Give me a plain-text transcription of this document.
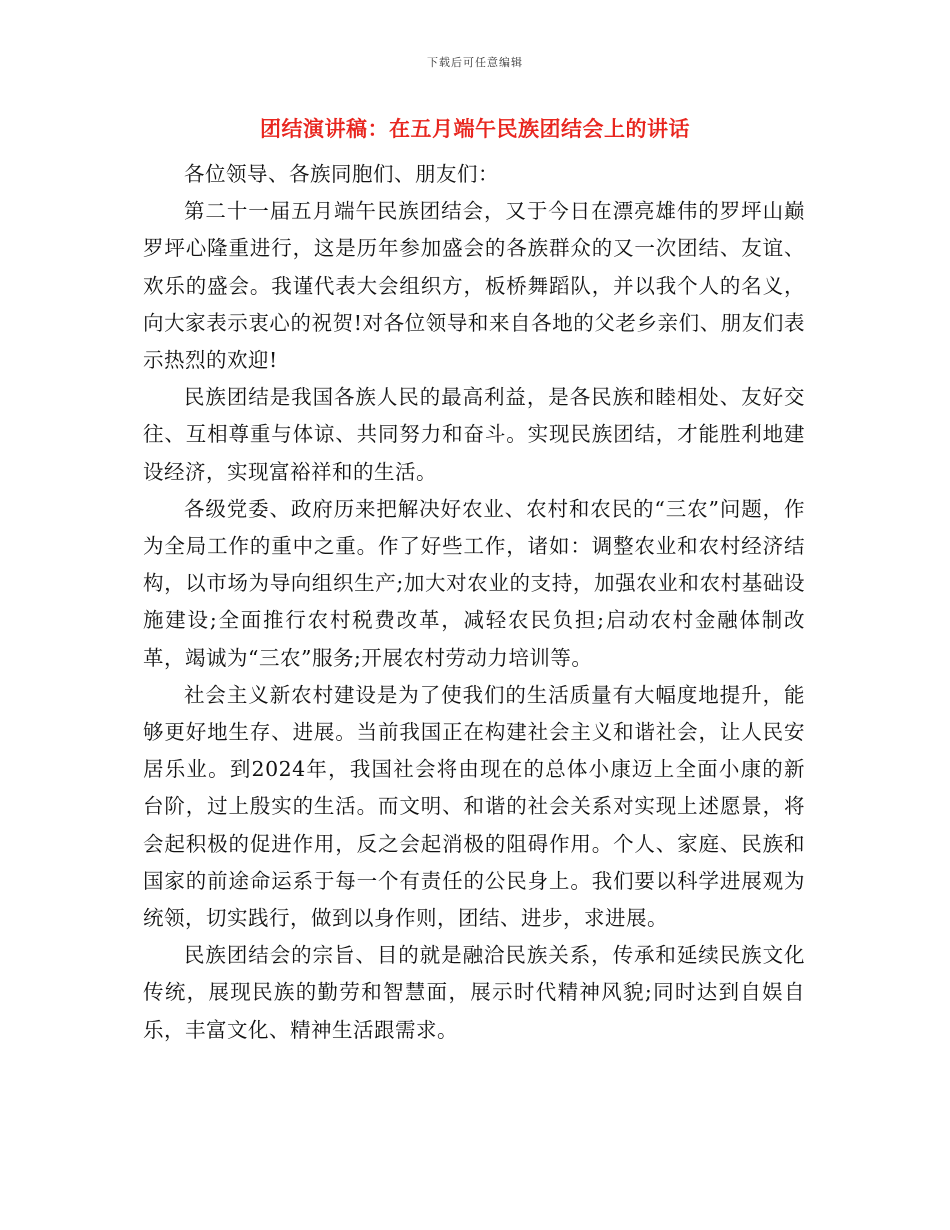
下载后可任意编辑
团结演讲稿：在五月端午民族团结会上的讲话

各位领导、各族同胞们、朋友们：

第二十一届五月端午民族团结会，又于今日在漂亮雄伟的罗坪山巅罗坪心隆重进行，这是历年参加盛会的各族群众的又一次团结、友谊、欢乐的盛会。我谨代表大会组织方，板桥舞蹈队，并以我个人的名义，向大家表示衷心的祝贺!对各位领导和来自各地的父老乡亲们、朋友们表示热烈的欢迎!

民族团结是我国各族人民的最高利益，是各民族和睦相处、友好交往、互相尊重与体谅、共同努力和奋斗。实现民族团结，才能胜利地建设经济，实现富裕祥和的生活。

各级党委、政府历来把解决好农业、农村和农民的“三农”问题，作为全局工作的重中之重。作了好些工作，诸如：调整农业和农村经济结构，以市场为导向组织生产;加大对农业的支持，加强农业和农村基础设施建设;全面推行农村税费改革，减轻农民负担;启动农村金融体制改革，竭诚为“三农”服务;开展农村劳动力培训等。

社会主义新农村建设是为了使我们的生活质量有大幅度地提升，能够更好地生存、进展。当前我国正在构建社会主义和谐社会，让人民安居乐业。到2024年，我国社会将由现在的总体小康迈上全面小康的新台阶，过上殷实的生活。而文明、和谐的社会关系对实现上述愿景，将会起积极的促进作用，反之会起消极的阻碍作用。个人、家庭、民族和国家的前途命运系于每一个有责任的公民身上。我们要以科学进展观为统领，切实践行，做到以身作则，团结、进步，求进展。

民族团结会的宗旨、目的就是融洽民族关系，传承和延续民族文化传统，展现民族的勤劳和智慧面，展示时代精神风貌;同时达到自娱自乐，丰富文化、精神生活跟需求。
